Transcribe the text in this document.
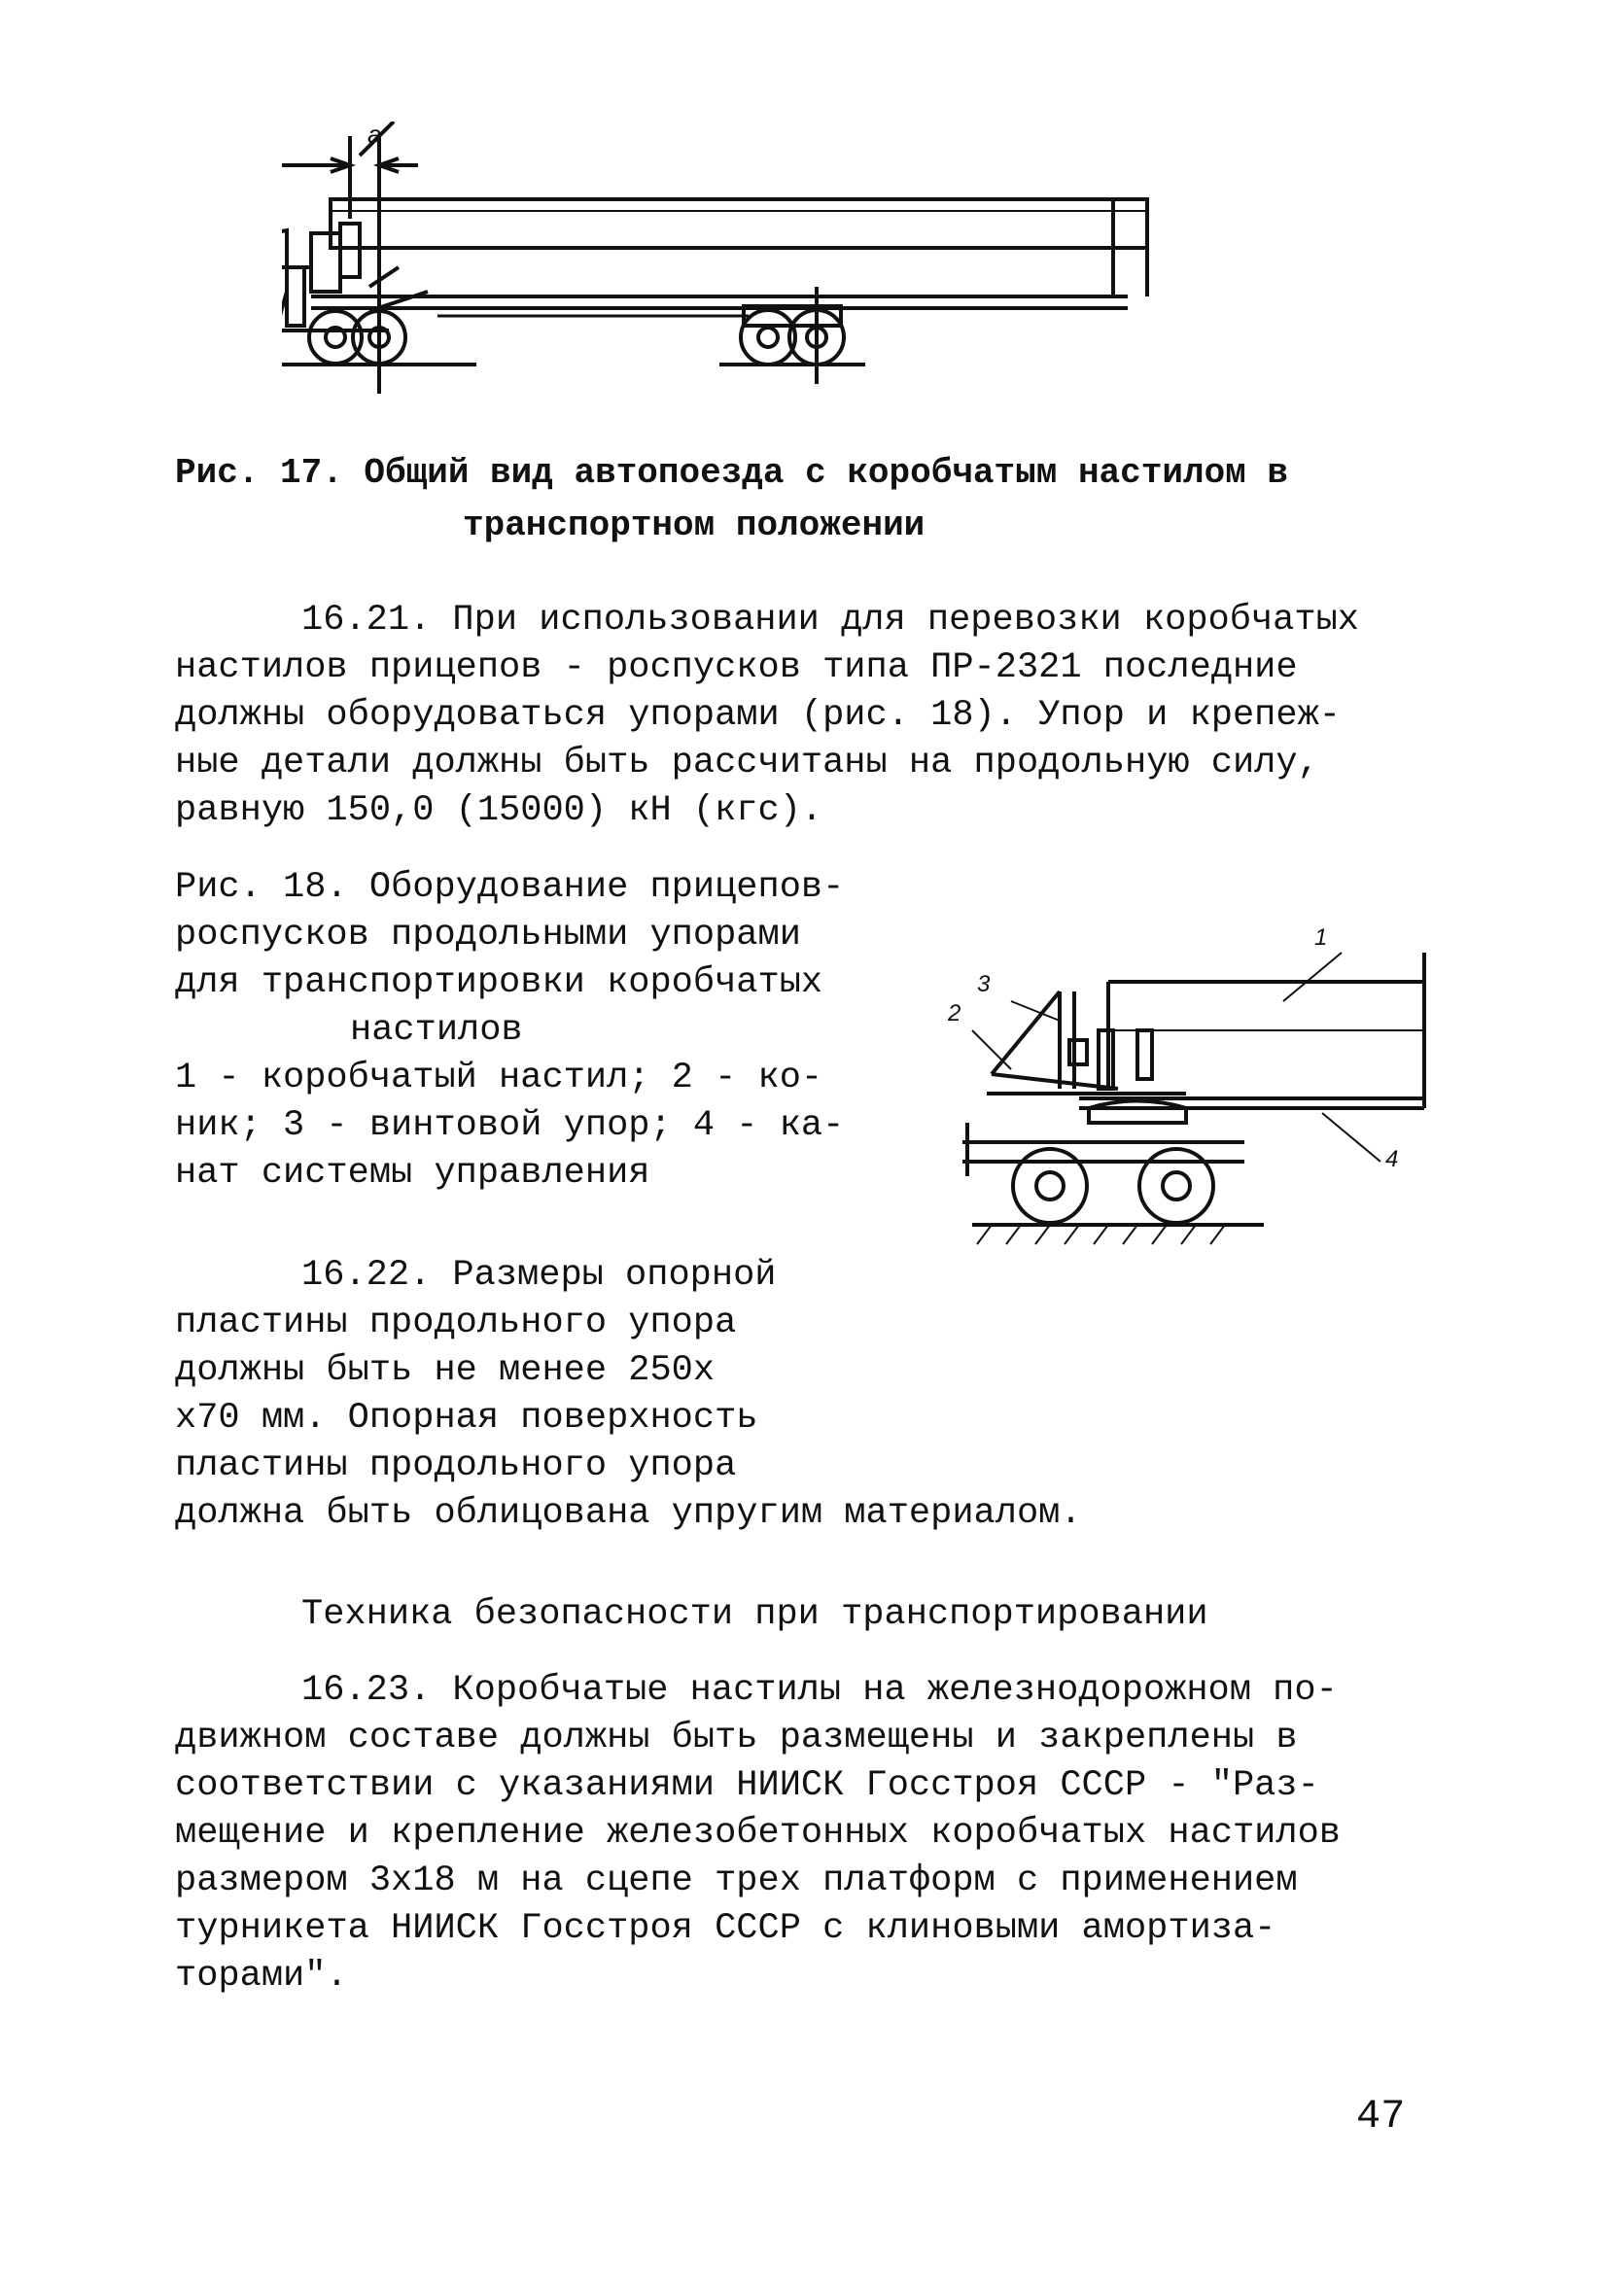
а
Рис. 17. Общий вид автопоезда с коробчатым настилом в
транспортном положении

16.21. При использовании для перевозки коробчатых

настилов прицепов - роспусков типа ПР-2321 последние

должны оборудоваться упорами (рис. 18). Упор и крепеж-

ные детали должны быть рассчитаны на продольную силу,

равную 150,0 (15000) кН (кгс).

Рис. 18. Оборудование прицепов-
роспусков продольными упорами
для транспортировки коробчатых
настилов
1 - коробчатый настил; 2 - ко-
ник; 3 - винтовой упор; 4 - ка-
нат системы управления
3
2
1
4

16.22. Размеры опорной

пластины продольного упора

должны быть не менее 250х

х70 мм. Опорная поверхность

пластины продольного упора

должна быть облицована упругим материалом.

Техника безопасности при транспортировании

16.23. Коробчатые настилы на железнодорожном по-

движном составе должны быть размещены и закреплены в

соответствии с указаниями НИИСК Госстроя СССР - "Раз-

мещение и крепление железобетонных коробчатых настилов

размером 3х18 м на сцепе трех платформ с применением

турникета НИИСК Госстроя СССР с клиновыми амортиза-

торами".

47
